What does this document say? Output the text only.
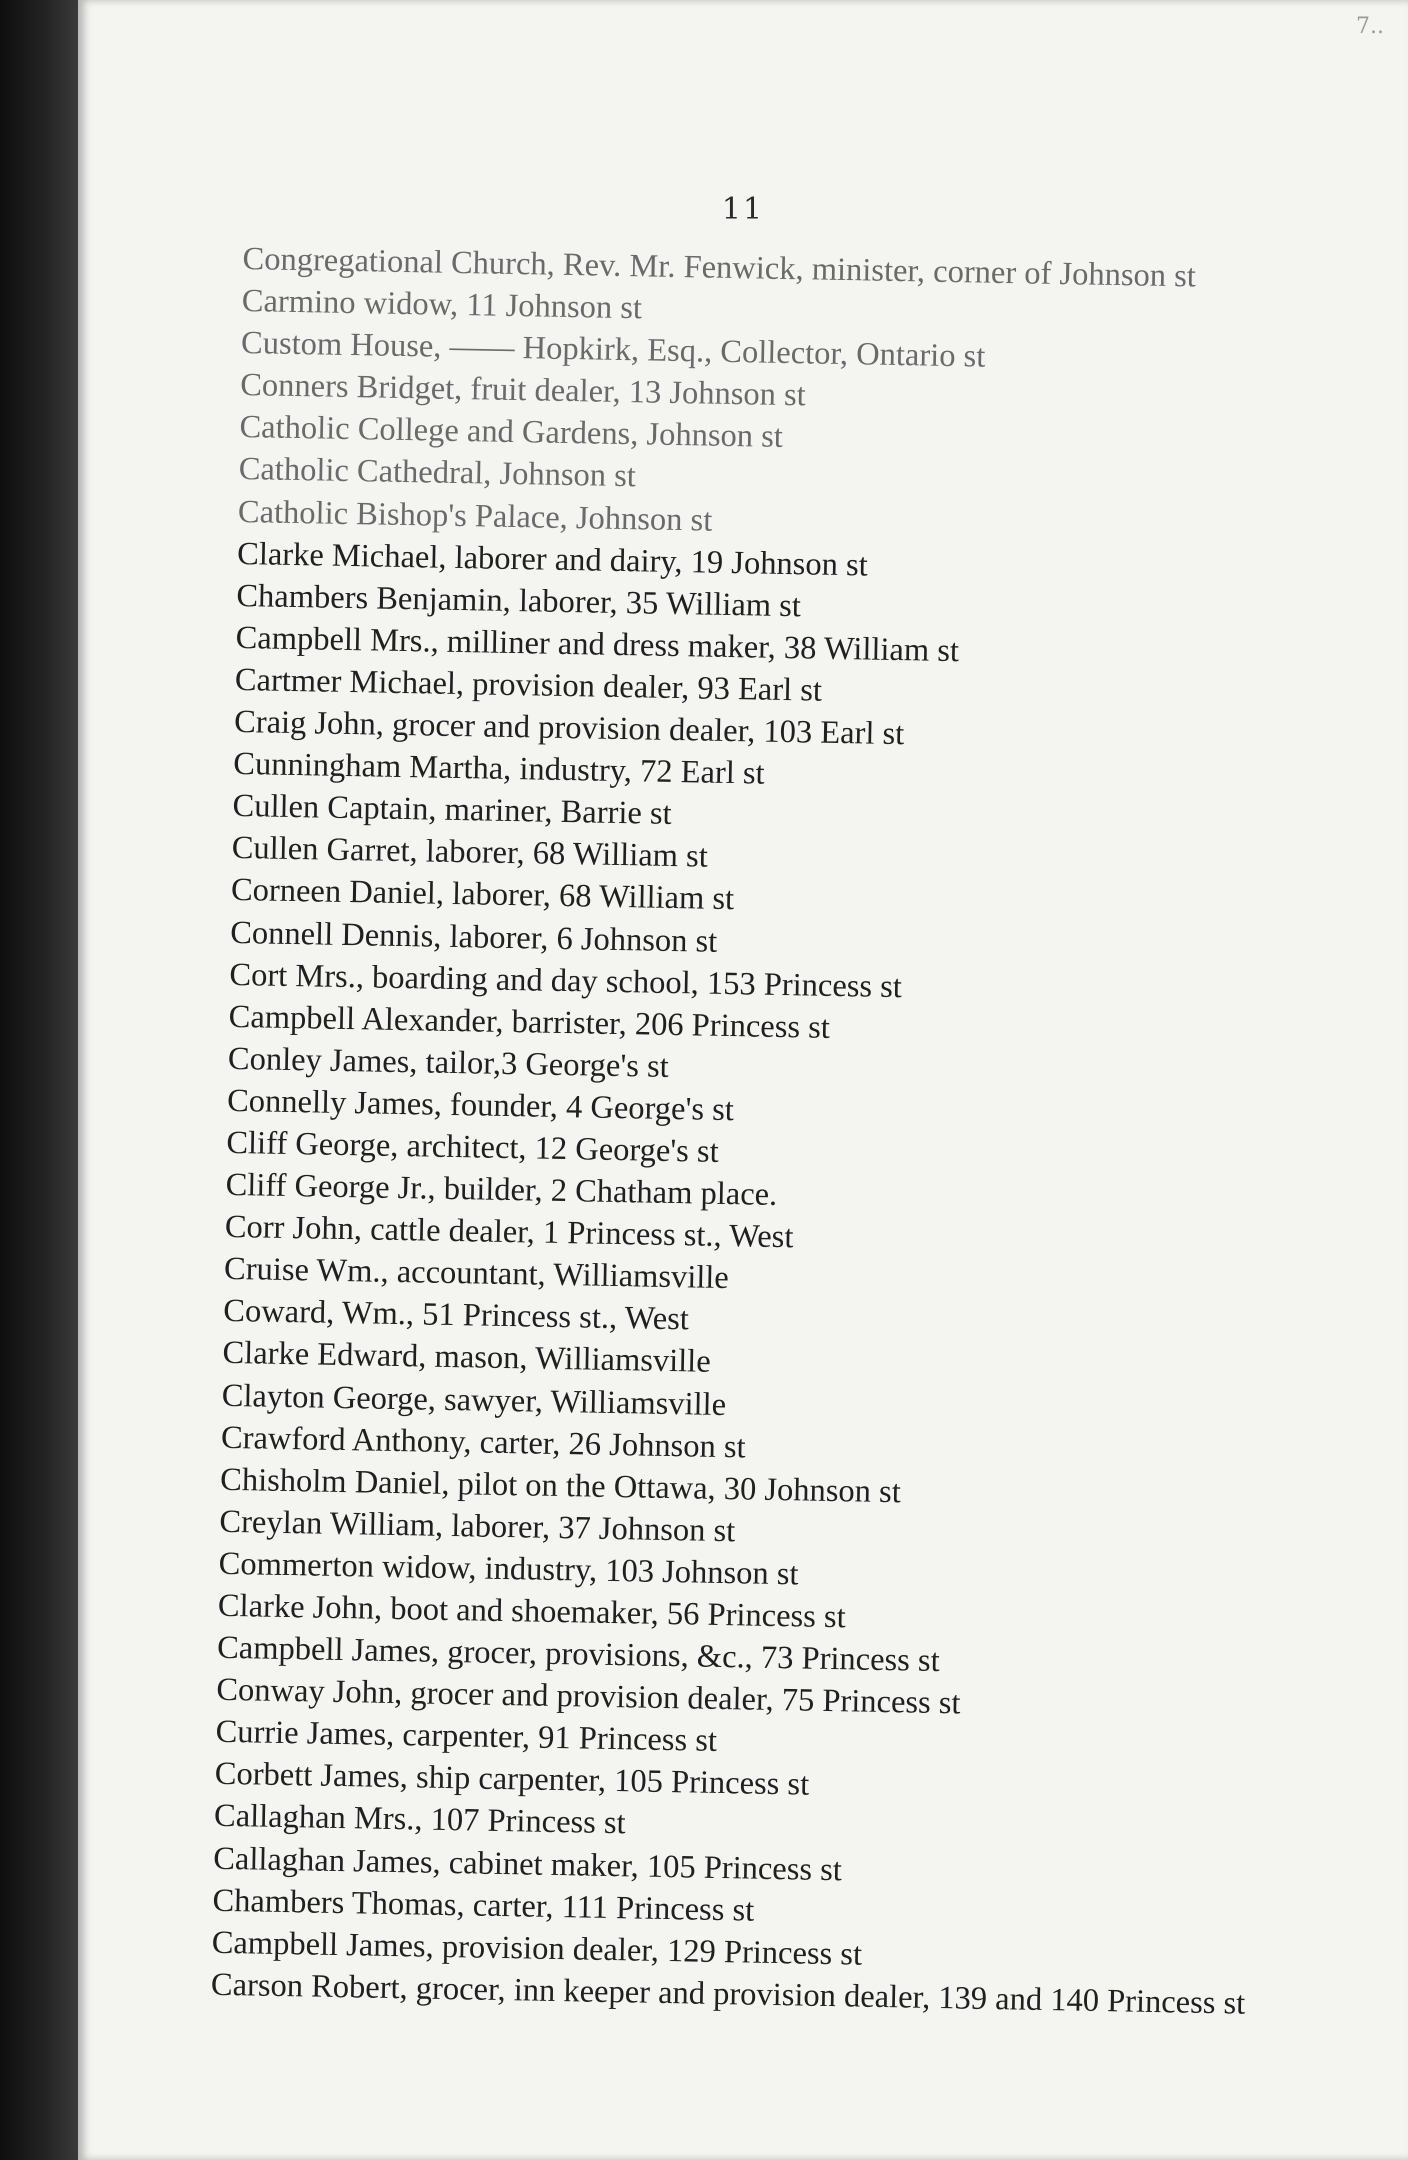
7..
11
Congregational Church, Rev. Mr. Fenwick, minister, corner of Johnson st
Carmino widow, 11 Johnson st
Custom House, —— Hopkirk, Esq., Collector, Ontario st
Conners Bridget, fruit dealer, 13 Johnson st
Catholic College and Gardens, Johnson st
Catholic Cathedral, Johnson st
Catholic Bishop's Palace, Johnson st
Clarke Michael, laborer and dairy, 19 Johnson st
Chambers Benjamin, laborer, 35 William st
Campbell Mrs., milliner and dress maker, 38 William st
Cartmer Michael, provision dealer, 93 Earl st
Craig John, grocer and provision dealer, 103 Earl st
Cunningham Martha, industry, 72 Earl st
Cullen Captain, mariner, Barrie st
Cullen Garret, laborer, 68 William st
Corneen Daniel, laborer, 68 William st
Connell Dennis, laborer, 6 Johnson st
Cort Mrs., boarding and day school, 153 Princess st
Campbell Alexander, barrister, 206 Princess st
Conley James, tailor,3 George's st
Connelly James, founder, 4 George's st
Cliff George, architect, 12 George's st
Cliff George Jr., builder, 2 Chatham place.
Corr John, cattle dealer, 1 Princess st., West
Cruise Wm., accountant, Williamsville
Coward, Wm., 51 Princess st., West
Clarke Edward, mason, Williamsville
Clayton George, sawyer, Williamsville
Crawford Anthony, carter, 26 Johnson st
Chisholm Daniel, pilot on the Ottawa, 30 Johnson st
Creylan William, laborer, 37 Johnson st
Commerton widow, industry, 103 Johnson st
Clarke John, boot and shoemaker, 56 Princess st
Campbell James, grocer, provisions, &c., 73 Princess st
Conway John, grocer and provision dealer, 75 Princess st
Currie James, carpenter, 91 Princess st
Corbett James, ship carpenter, 105 Princess st
Callaghan Mrs., 107 Princess st
Callaghan James, cabinet maker, 105 Princess st
Chambers Thomas, carter, 111 Princess st
Campbell James, provision dealer, 129 Princess st
Carson Robert, grocer, inn keeper and provision dealer, 139 and 140 Princess st
